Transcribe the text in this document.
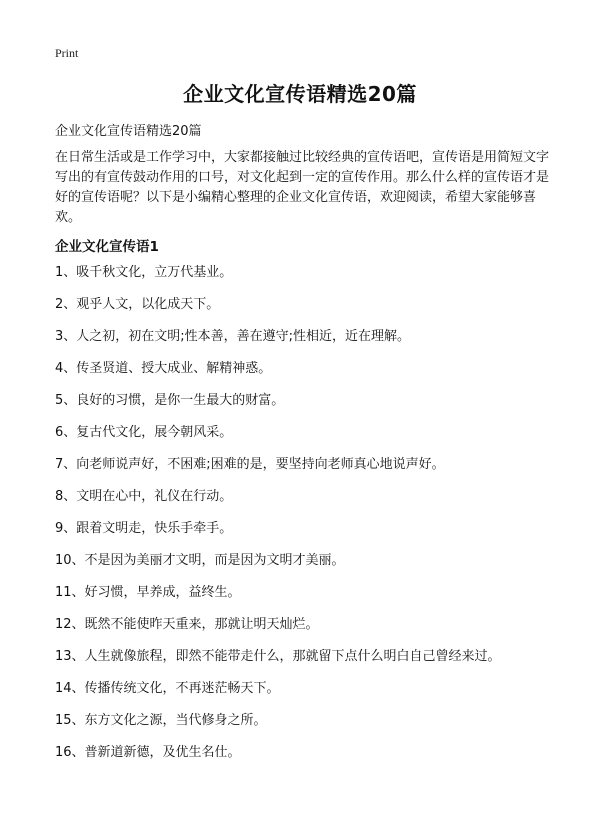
Print
企业文化宣传语精选20篇
企业文化宣传语精选20篇
在日常生活或是工作学习中，大家都接触过比较经典的宣传语吧，宣传语是用简短文字写出的有宣传鼓动作用的口号，对文化起到一定的宣传作用。那么什么样的宣传语才是好的宣传语呢？以下是小编精心整理的企业文化宣传语，欢迎阅读，希望大家能够喜欢。
企业文化宣传语1
1、吸千秋文化，立万代基业。
2、观乎人文，以化成天下。
3、人之初，初在文明;性本善，善在遵守;性相近，近在理解。
4、传圣贤道、授大成业、解精神惑。
5、良好的习惯，是你一生最大的财富。
6、复古代文化，展今朝风采。
7、向老师说声好，不困难;困难的是，要坚持向老师真心地说声好。
8、文明在心中，礼仪在行动。
9、跟着文明走，快乐手牵手。
10、不是因为美丽才文明，而是因为文明才美丽。
11、好习惯，早养成，益终生。
12、既然不能使昨天重来，那就让明天灿烂。
13、人生就像旅程，即然不能带走什么，那就留下点什么明白自己曾经来过。
14、传播传统文化，不再迷茫畅天下。
15、东方文化之源，当代修身之所。
16、普新道新德，及优生名仕。
